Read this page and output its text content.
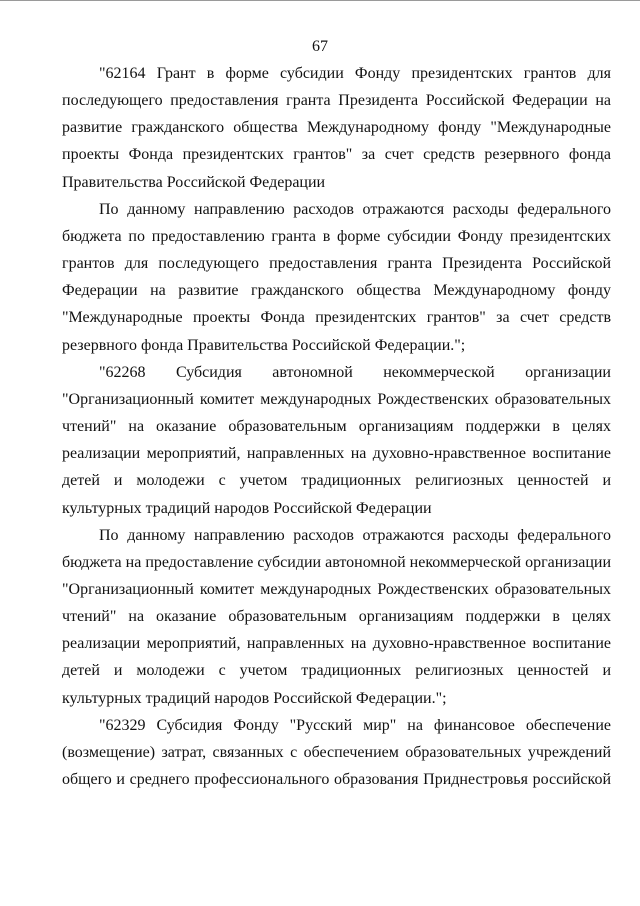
67

"62164 Грант в форме субсидии Фонду президентских грантов для последующего предоставления гранта Президента Российской Федерации на развитие гражданского общества Международному фонду "Международные проекты Фонда президентских грантов" за счет средств резервного фонда Правительства Российской Федерации

По данному направлению расходов отражаются расходы федерального бюджета по предоставлению гранта в форме субсидии Фонду президентских грантов для последующего предоставления гранта Президента Российской Федерации на развитие гражданского общества Международному фонду "Международные проекты Фонда президентских грантов" за счет средств резервного фонда Правительства Российской Федерации.";

"62268 Субсидия автономной некоммерческой организации "Организационный комитет международных Рождественских образовательных чтений" на оказание образовательным организациям поддержки в целях реализации мероприятий, направленных на духовно-нравственное воспитание детей и молодежи с учетом традиционных религиозных ценностей и культурных традиций народов Российской Федерации

По данному направлению расходов отражаются расходы федерального бюджета на предоставление субсидии автономной некоммерческой организации "Организационный комитет международных Рождественских образовательных чтений" на оказание образовательным организациям поддержки в целях реализации мероприятий, направленных на духовно-нравственное воспитание детей и молодежи с учетом традиционных религиозных ценностей и культурных традиций народов Российской Федерации.";

"62329 Субсидия Фонду "Русский мир" на финансовое обеспечение (возмещение) затрат, связанных с обеспечением образовательных учреждений общего и среднего профессионального образования Приднестровья российской
